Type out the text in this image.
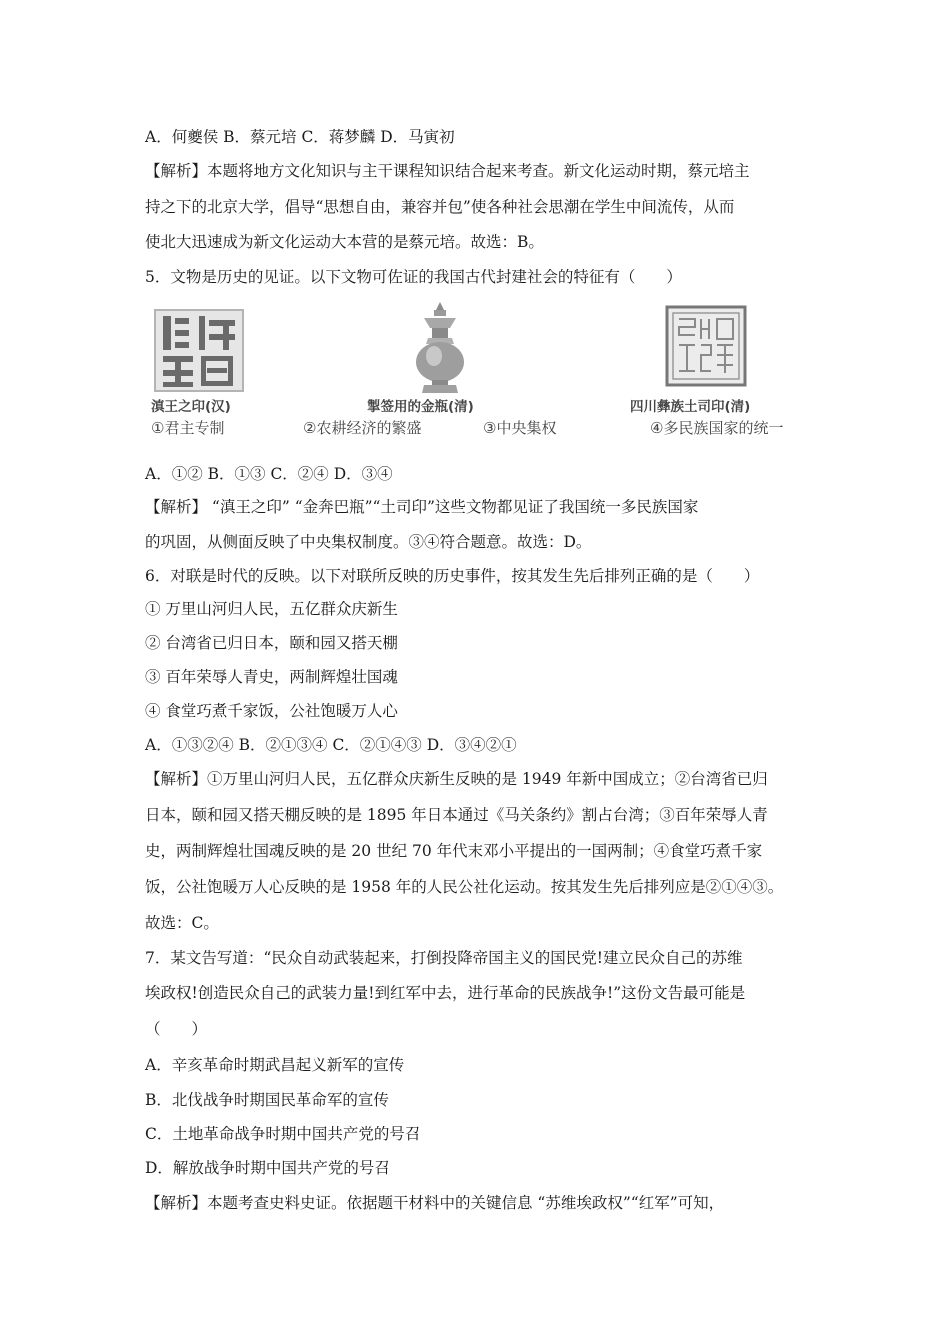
A．何夔侯 B．蔡元培 C．蒋梦麟 D．马寅初
【解析】本题将地方文化知识与主干课程知识结合起来考查。新文化运动时期，蔡元培主
持之下的北京大学，倡导“思想自由，兼容并包”使各种社会思潮在学生中间流传，从而
使北大迅速成为新文化运动大本营的是蔡元培。故选：B。
5．文物是历史的见证。以下文物可佐证的我国古代封建社会的特征有（　　）
滇王之印(汉)	掣签用的金瓶(清)	四川彝族土司印(清)
①君主专制	②农耕经济的繁盛	③中央集权	④多民族国家的统一
A．①② B．①③ C．②④ D．③④
【解析】 “滇王之印” “金奔巴瓶”“土司印”这些文物都见证了我国统一多民族国家
的巩固，从侧面反映了中央集权制度。③④符合题意。故选：D。
6．对联是时代的反映。以下对联所反映的历史事件，按其发生先后排列正确的是（　　）
① 万里山河归人民，五亿群众庆新生
② 台湾省已归日本，颐和园又搭天棚
③ 百年荣辱人青史，两制辉煌壮国魂
④ 食堂巧煮千家饭，公社饱暖万人心
A．①③②④ B．②①③④ C．②①④③ D．③④②①
【解析】①万里山河归人民，五亿群众庆新生反映的是 1949 年新中国成立；②台湾省已归
日本，颐和园又搭天棚反映的是 1895 年日本通过《马关条约》割占台湾；③百年荣辱人青
史，两制辉煌壮国魂反映的是 20 世纪 70 年代末邓小平提出的一国两制；④食堂巧煮千家
饭，公社饱暖万人心反映的是 1958 年的人民公社化运动。按其发生先后排列应是②①④③。
故选：C。
7．某文告写道：“民众自动武装起来，打倒投降帝国主义的国民党!建立民众自己的苏维
埃政权!创造民众自己的武装力量!到红军中去，进行革命的民族战争!”这份文告最可能是
（　　）
A．辛亥革命时期武昌起义新军的宣传
B．北伐战争时期国民革命军的宣传
C．土地革命战争时期中国共产党的号召
D．解放战争时期中国共产党的号召
【解析】本题考查史料史证。依据题干材料中的关键信息 “苏维埃政权”“红军”可知，
